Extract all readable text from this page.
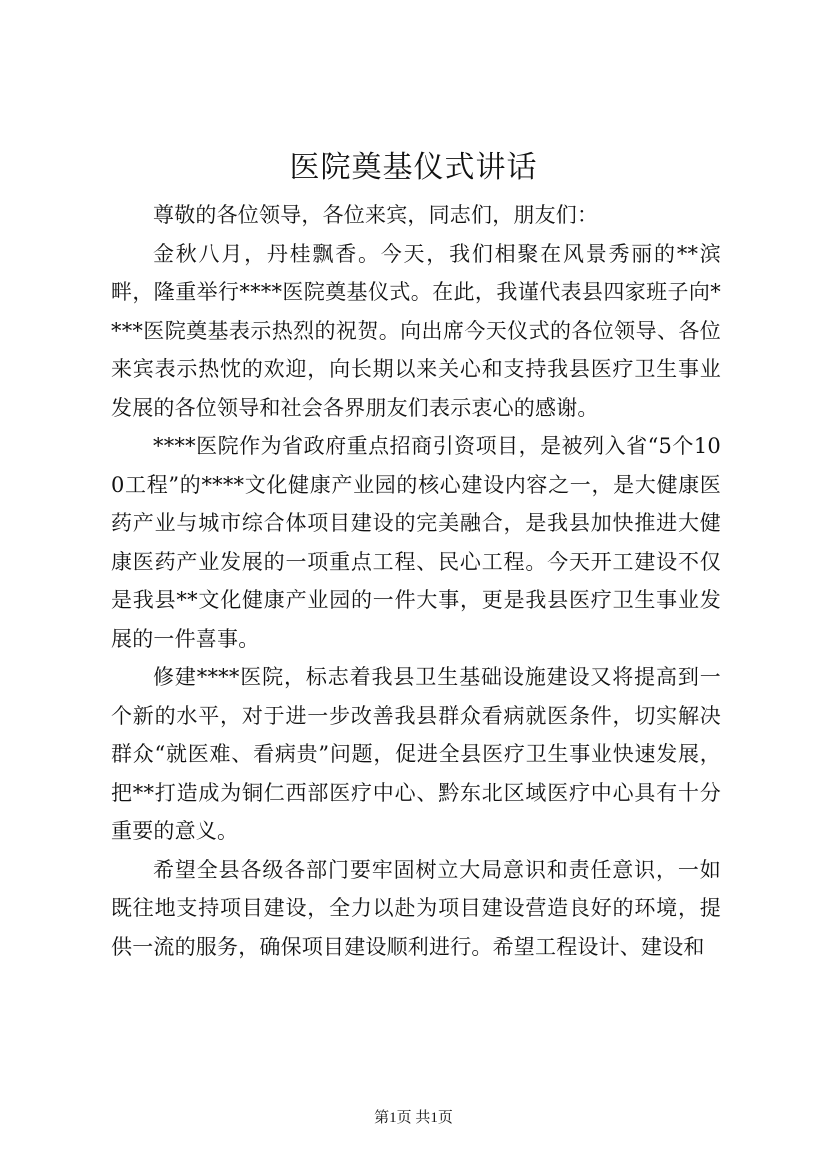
医院奠基仪式讲话

尊敬的各位领导，各位来宾，同志们，朋友们：

金秋八月，丹桂飘香。今天，我们相聚在风景秀丽的**滨畔，隆重举行****医院奠基仪式。在此，我谨代表县四家班子向****医院奠基表示热烈的祝贺。向出席今天仪式的各位领导、各位来宾表示热忱的欢迎，向长期以来关心和支持我县医疗卫生事业发展的各位领导和社会各界朋友们表示衷心的感谢。

****医院作为省政府重点招商引资项目，是被列入省“5个100工程”的****文化健康产业园的核心建设内容之一，是大健康医药产业与城市综合体项目建设的完美融合，是我县加快推进大健康医药产业发展的一项重点工程、民心工程。今天开工建设不仅是我县**文化健康产业园的一件大事，更是我县医疗卫生事业发展的一件喜事。

修建****医院，标志着我县卫生基础设施建设又将提高到一个新的水平，对于进一步改善我县群众看病就医条件，切实解决群众“就医难、看病贵”问题，促进全县医疗卫生事业快速发展，把**打造成为铜仁西部医疗中心、黔东北区域医疗中心具有十分重要的意义。

希望全县各级各部门要牢固树立大局意识和责任意识，一如既往地支持项目建设，全力以赴为项目建设营造良好的环境，提供一流的服务，确保项目建设顺利进行。希望工程设计、建设和

第1页 共1页
